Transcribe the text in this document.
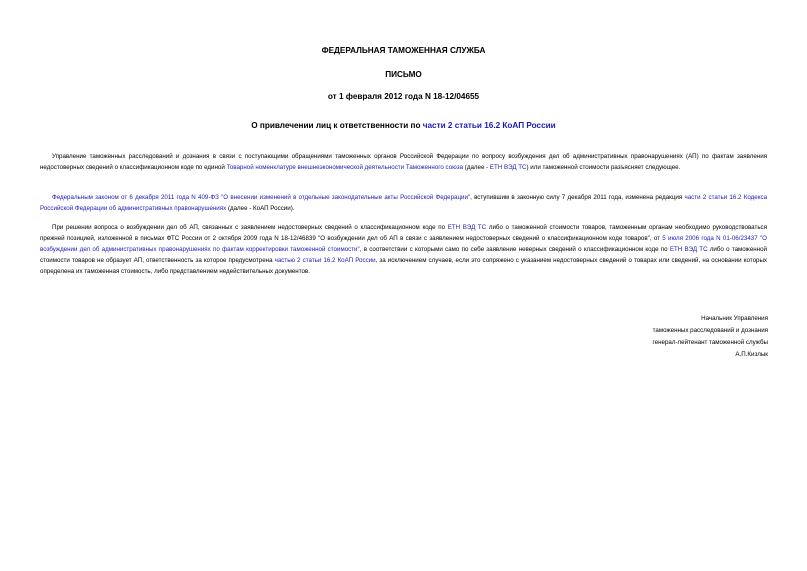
ФЕДЕРАЛЬНАЯ ТАМОЖЕННАЯ СЛУЖБА
ПИСЬМО
от 1 февраля 2012 года N 18-12/04655
О привлечении лиц к ответственности по части 2 статьи 16.2 КоАП России
Управление таможенных расследований и дознания в связи с поступающими обращениями таможенных органов Российской Федерации по вопросу возбуждения дел об административных правонарушениях (АП) по фактам заявления недостоверных сведений о классификационном коде по единой Товарной номенклатуре внешнеэкономической деятельности Таможенного союза (далее - ЕТН ВЭД ТС) или таможенной стоимости разъясняет следующее.
Федеральным законом от 6 декабря 2011 года N 409-ФЗ "О внесении изменений в отдельные законодательные акты Российской Федерации", вступившим в законную силу 7 декабря 2011 года, изменена редакция части 2 статьи 16.2 Кодекса Российской Федерации об административных правонарушениях (далее - КоАП России).
При решении вопроса о возбуждении дел об АП, связанных с заявлением недостоверных сведений о классификационном коде по ЕТН ВЭД ТС либо о таможенной стоимости товаров, таможенным органам необходимо руководствоваться прежней позицией, изложенной в письмах ФТС России от 2 октября 2009 года N 18-12/46839 "О возбуждении дел об АП в связи с заявлением недостоверных сведений о классификационном коде товаров", от 5 июля 2006 года N 01-06/23437 "О возбуждении дел об административных правонарушениях по фактам корректировки таможенной стоимости", в соответствии с которыми само по себе заявление неверных сведений о классификационном коде по ЕТН ВЭД ТС либо о таможенной стоимости товаров не образует АП, ответственность за которое предусмотрена частью 2 статьи 16.2 КоАП России, за исключением случаев, если это сопряжено с указанием недостоверных сведений о товарах или сведений, на основании которых определена их таможенная стоимость, либо представлением недействительных документов.
Начальник Управления
таможенных расследований и дознания
генерал-лейтенант таможенной службы
А.П.Кизлык
